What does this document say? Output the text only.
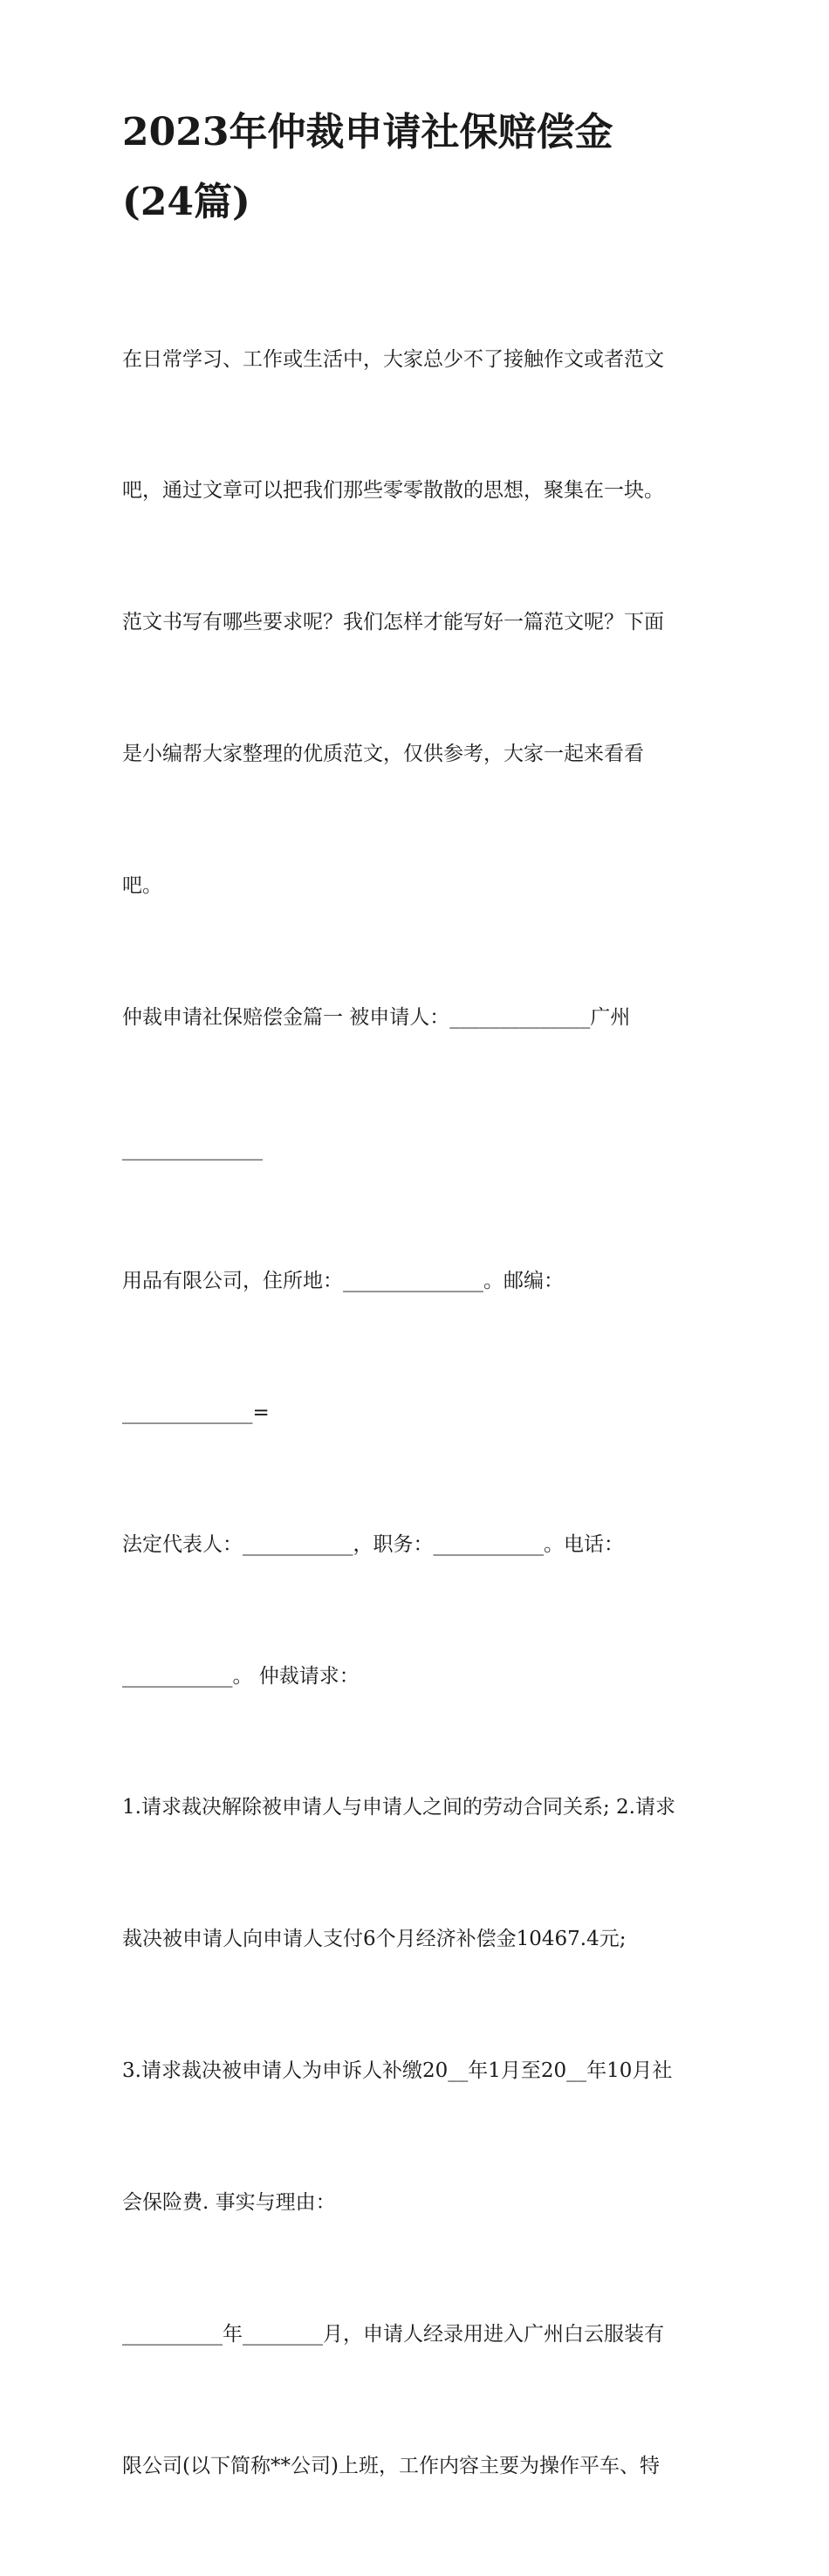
2023年仲裁申请社保赔偿金
(24篇)

在日常学习、工作或生活中，大家总少不了接触作文或者范文

吧，通过文章可以把我们那些零零散散的思想，聚集在一块。

范文书写有哪些要求呢？我们怎样才能写好一篇范文呢？下面

是小编帮大家整理的优质范文，仅供参考，大家一起来看看

吧。

仲裁申请社保赔偿金篇一 被申请人：______________广州

______________

用品有限公司，住所地：______________。邮编：

_____________=

法定代表人：___________，职务：___________。电话：

___________。 仲裁请求：

1.请求裁决解除被申请人与申请人之间的劳动合同关系; 2.请求

裁决被申请人向申请人支付6个月经济补偿金10467.4元;

3.请求裁决被申请人为申诉人补缴20__年1月至20__年10月社

会保险费. 事实与理由：

__________年________月，申请人经录用进入广州白云服装有

限公司(以下简称**公司)上班，工作内容主要为操作平车、特
